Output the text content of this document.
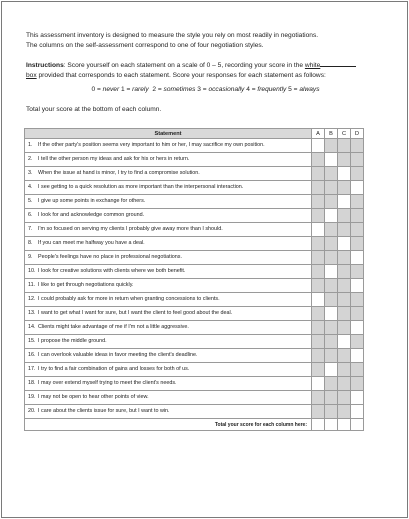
This assessment inventory is designed to measure the style you rely on most readily in negotiations.
The columns on the self-assessment correspond to one of four negotiation styles.
Instructions: Score yourself on each statement on a scale of 0 – 5, recording your score in the white
box provided that corresponds to each statement. Score your responses for each statement as follows:
0 = never 1 = rarely  2 = sometimes 3 = occasionally 4 = frequently 5 = always
Total your score at the bottom of each column.
Statement	A	B	C	D
1. If the other party's position seems very important to him or her, I may sacrifice my own position.				
2. I tell the other person my ideas and ask for his or hers in return.				
3. When the issue at hand is minor, I try to find a compromise solution.				
4. I see getting to a quick resolution as more important than the interpersonal interaction.				
5. I give up some points in exchange for others.				
6. I look for and acknowledge common ground.				
7. I'm so focused on serving my clients I probably give away more than I should.				
8. If you can meet me halfway you have a deal.				
9. People's feelings have no place in professional negotiations.				
10. I look for creative solutions with clients where we both benefit.				
11. I like to get through negotiations quickly.				
12. I could probably ask for more in return when granting concessions to clients.				
13. I want to get what I want for sure, but I want the client to feel good about the deal.				
14. Clients might take advantage of me if I'm not a little aggressive.				
15. I propose the middle ground.				
16. I can overlook valuable ideas in favor meeting the client's deadline.				
17. I try to find a fair combination of gains and losses for both of us.				
18. I may over extend myself trying to meet the client's needs.				
19. I may not be open to hear other points of view.				
20. I care about the clients issue for sure, but I want to win.				
Total your score for each column here:				
